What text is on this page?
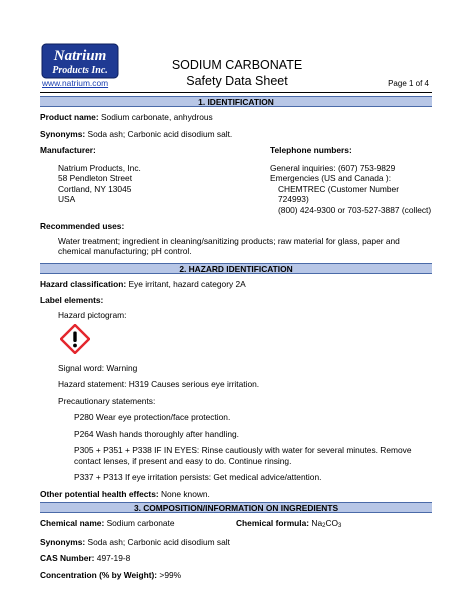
Natrium
Products Inc.
www.natrium.com
SODIUM CARBONATE
Safety Data Sheet	Page 1 of 4
1. IDENTIFICATION
Product name: Sodium carbonate, anhydrous
Synonyms: Soda ash; Carbonic acid disodium salt.
Manufacturer:	Telephone numbers:
Natrium Products, Inc.
58 Pendleton Street
Cortland, NY 13045
USA
General inquiries: (607) 753-9829
Emergencies (US and Canada ):
CHEMTREC (Customer Number 724993)
(800) 424-9300 or 703-527-3887 (collect)
Recommended uses:
Water treatment; ingredient in cleaning/sanitizing products; raw material for glass, paper and chemical manufacturing; pH control.
2. HAZARD IDENTIFICATION
Hazard classification: Eye irritant, hazard category 2A
Label elements:
Hazard pictogram:
Signal word: Warning
Hazard statement: H319 Causes serious eye irritation.
Precautionary statements:
P280 Wear eye protection/face protection.
P264 Wash hands thoroughly after handling.
P305 + P351 + P338 IF IN EYES: Rinse cautiously with water for several minutes. Remove contact lenses, if present and easy to do. Continue rinsing.
P337 + P313 If eye irritation persists: Get medical advice/attention.
Other potential health effects: None known.
3. COMPOSITION/INFORMATION ON INGREDIENTS
Chemical name: Sodium carbonate	Chemical formula: $Na_2CO_3$
Synonyms: Soda ash; Carbonic acid disodium salt
CAS Number: 497-19-8
Concentration (% by Weight): >99%
